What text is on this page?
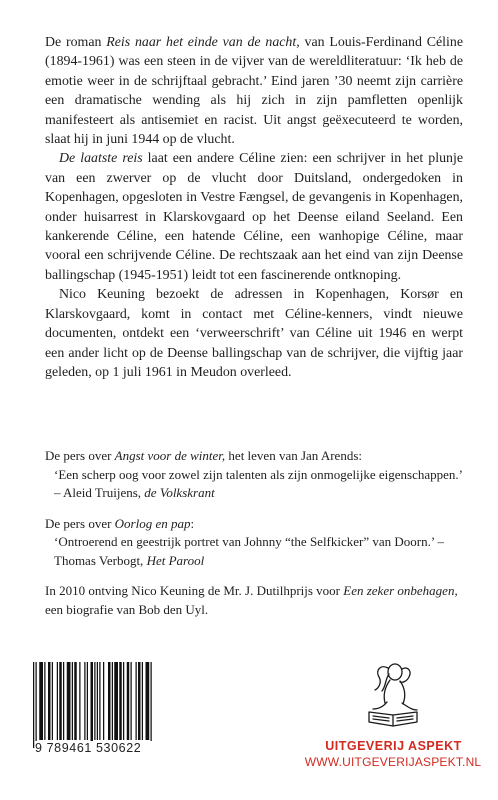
De roman Reis naar het einde van de nacht, van Louis-Ferdinand Céline (1894-1961) was een steen in de vijver van de wereldliteratuur: ‘Ik heb de emotie weer in de schrijftaal gebracht.’ Eind jaren ’30 neemt zijn carrière een dramatische wending als hij zich in zijn pamfletten openlijk manifesteert als antisemiet en racist. Uit angst geëxecuteerd te worden, slaat hij in juni 1944 op de vlucht.

De laatste reis laat een andere Céline zien: een schrijver in het plunje van een zwerver op de vlucht door Duitsland, ondergedoken in Kopenhagen, opgesloten in Vestre Fængsel, de gevangenis in Kopenhagen, onder huisarrest in Klarskovgaard op het Deense eiland Seeland. Een kankerende Céline, een hatende Céline, een wanhopige Céline, maar vooral een schrijvende Céline. De rechtszaak aan het eind van zijn Deense ballingschap (1945-1951) leidt tot een fascinerende ontknoping.

Nico Keuning bezoekt de adressen in Kopenhagen, Korsør en Klarskovgaard, komt in contact met Céline-kenners, vindt nieuwe documenten, ontdekt een ‘verweerschrift’ van Céline uit 1946 en werpt een ander licht op de Deense ballingschap van de schrijver, die vijftig jaar geleden, op 1 juli 1961 in Meudon overleed.

De pers over Angst voor de winter, het leven van Jan Arends:

‘Een scherp oog voor zowel zijn talenten als zijn onmogelijke eigenschappen.’ – Aleid Truijens, de Volkskrant

De pers over Oorlog en pap:

‘Ontroerend en geestrijk portret van Johnny “the Selfkicker” van Doorn.’ – Thomas Verbogt, Het Parool

In 2010 ontving Nico Keuning de Mr. J. Dutilhprijs voor Een zeker onbehagen, een biografie van Bob den Uyl.

9 789461 530622	UITGEVERIJ ASPEKT
WWW.UITGEVERIJASPEKT.NL
